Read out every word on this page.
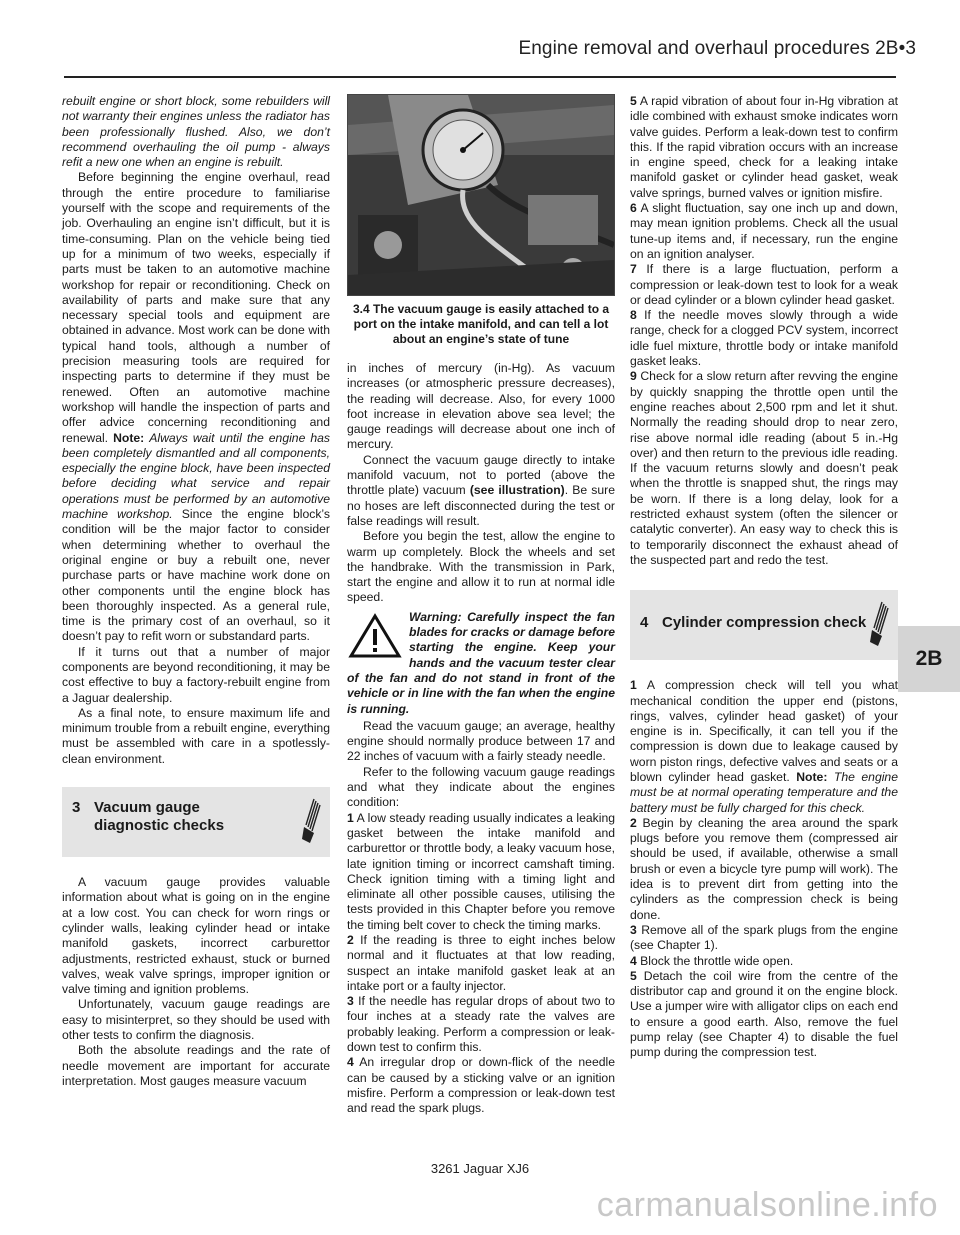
Engine removal and overhaul procedures 2B•3

rebuilt engine or short block, some rebuilders will not warranty their engines unless the radiator has been professionally flushed. Also, we don’t recommend overhauling the oil pump - always refit a new one when an engine is rebuilt.

Before beginning the engine overhaul, read through the entire procedure to familiarise yourself with the scope and requirements of the job. Overhauling an engine isn’t difficult, but it is time-consuming. Plan on the vehicle being tied up for a minimum of two weeks, especially if parts must be taken to an automotive machine workshop for repair or reconditioning. Check on availability of parts and make sure that any necessary special tools and equipment are obtained in advance. Most work can be done with typical hand tools, although a number of precision measuring tools are required for inspecting parts to determine if they must be renewed. Often an automotive machine workshop will handle the inspection of parts and offer advice concerning reconditioning and renewal. Note: Always wait until the engine has been completely dismantled and all components, especially the engine block, have been inspected before deciding what service and repair operations must be performed by an automotive machine workshop. Since the engine block’s condition will be the major factor to consider when determining whether to overhaul the original engine or buy a rebuilt one, never purchase parts or have machine work done on other components until the engine block has been thoroughly inspected. As a general rule, time is the primary cost of an overhaul, so it doesn’t pay to refit worn or substandard parts.

If it turns out that a number of major components are beyond reconditioning, it may be cost effective to buy a factory-rebuilt engine from a Jaguar dealership.

As a final note, to ensure maximum life and minimum trouble from a rebuilt engine, everything must be assembled with care in a spotlessly-clean environment.

3 Vacuum gauge
diagnostic checks

A vacuum gauge provides valuable information about what is going on in the engine at a low cost. You can check for worn rings or cylinder walls, leaking cylinder head or intake manifold gaskets, incorrect carburettor adjustments, restricted exhaust, stuck or burned valves, weak valve springs, improper ignition or valve timing and ignition problems.

Unfortunately, vacuum gauge readings are easy to misinterpret, so they should be used with other tests to confirm the diagnosis.

Both the absolute readings and the rate of needle movement are important for accurate interpretation. Most gauges measure vacuum

3.4 The vacuum gauge is easily attached to a port on the intake manifold, and can tell a lot about an engine’s state of tune

in inches of mercury (in-Hg). As vacuum increases (or atmospheric pressure decreases), the reading will decrease. Also, for every 1000 foot increase in elevation above sea level; the gauge readings will decrease about one inch of mercury.

Connect the vacuum gauge directly to intake manifold vacuum, not to ported (above the throttle plate) vacuum (see illustration). Be sure no hoses are left disconnected during the test or false readings will result.

Before you begin the test, allow the engine to warm up completely. Block the wheels and set the handbrake. With the transmission in Park, start the engine and allow it to run at normal idle speed.

Warning: Carefully inspect the fan blades for cracks or damage before starting the engine. Keep your hands and the vacuum tester clear of the fan and do not stand in front of the vehicle or in line with the fan when the engine is running.

Read the vacuum gauge; an average, healthy engine should normally produce between 17 and 22 inches of vacuum with a fairly steady needle.

Refer to the following vacuum gauge readings and what they indicate about the engines condition:

1 A low steady reading usually indicates a leaking gasket between the intake manifold and carburettor or throttle body, a leaky vacuum hose, late ignition timing or incorrect camshaft timing. Check ignition timing with a timing light and eliminate all other possible causes, utilising the tests provided in this Chapter before you remove the timing belt cover to check the timing marks.

2 If the reading is three to eight inches below normal and it fluctuates at that low reading, suspect an intake manifold gasket leak at an intake port or a faulty injector.

3 If the needle has regular drops of about two to four inches at a steady rate the valves are probably leaking. Perform a compression or leak-down test to confirm this.

4 An irregular drop or down-flick of the needle can be caused by a sticking valve or an ignition misfire. Perform a compression or leak-down test and read the spark plugs.

5 A rapid vibration of about four in-Hg vibration at idle combined with exhaust smoke indicates worn valve guides. Perform a leak-down test to confirm this. If the rapid vibration occurs with an increase in engine speed, check for a leaking intake manifold gasket or cylinder head gasket, weak valve springs, burned valves or ignition misfire.

6 A slight fluctuation, say one inch up and down, may mean ignition problems. Check all the usual tune-up items and, if necessary, run the engine on an ignition analyser.

7 If there is a large fluctuation, perform a compression or leak-down test to look for a weak or dead cylinder or a blown cylinder head gasket.

8 If the needle moves slowly through a wide range, check for a clogged PCV system, incorrect idle fuel mixture, throttle body or intake manifold gasket leaks.

9 Check for a slow return after revving the engine by quickly snapping the throttle open until the engine reaches about 2,500 rpm and let it shut. Normally the reading should drop to near zero, rise above normal idle reading (about 5 in.-Hg over) and then return to the previous idle reading. If the vacuum returns slowly and doesn’t peak when the throttle is snapped shut, the rings may be worn. If there is a long delay, look for a restricted exhaust system (often the silencer or catalytic converter). An easy way to check this is to temporarily disconnect the exhaust ahead of the suspected part and redo the test.

4 Cylinder compression check

1 A compression check will tell you what mechanical condition the upper end (pistons, rings, valves, cylinder head gasket) of your engine is in. Specifically, it can tell you if the compression is down due to leakage caused by worn piston rings, defective valves and seats or a blown cylinder head gasket. Note: The engine must be at normal operating temperature and the battery must be fully charged for this check.

2 Begin by cleaning the area around the spark plugs before you remove them (compressed air should be used, if available, otherwise a small brush or even a bicycle tyre pump will work). The idea is to prevent dirt from getting into the cylinders as the compression check is being done.

3 Remove all of the spark plugs from the engine (see Chapter 1).

4 Block the throttle wide open.

5 Detach the coil wire from the centre of the distributor cap and ground it on the engine block. Use a jumper wire with alligator clips on each end to ensure a good earth. Also, remove the fuel pump relay (see Chapter 4) to disable the fuel pump during the compression test.

2B
3261 Jaguar XJ6
carmanualsonline.info
